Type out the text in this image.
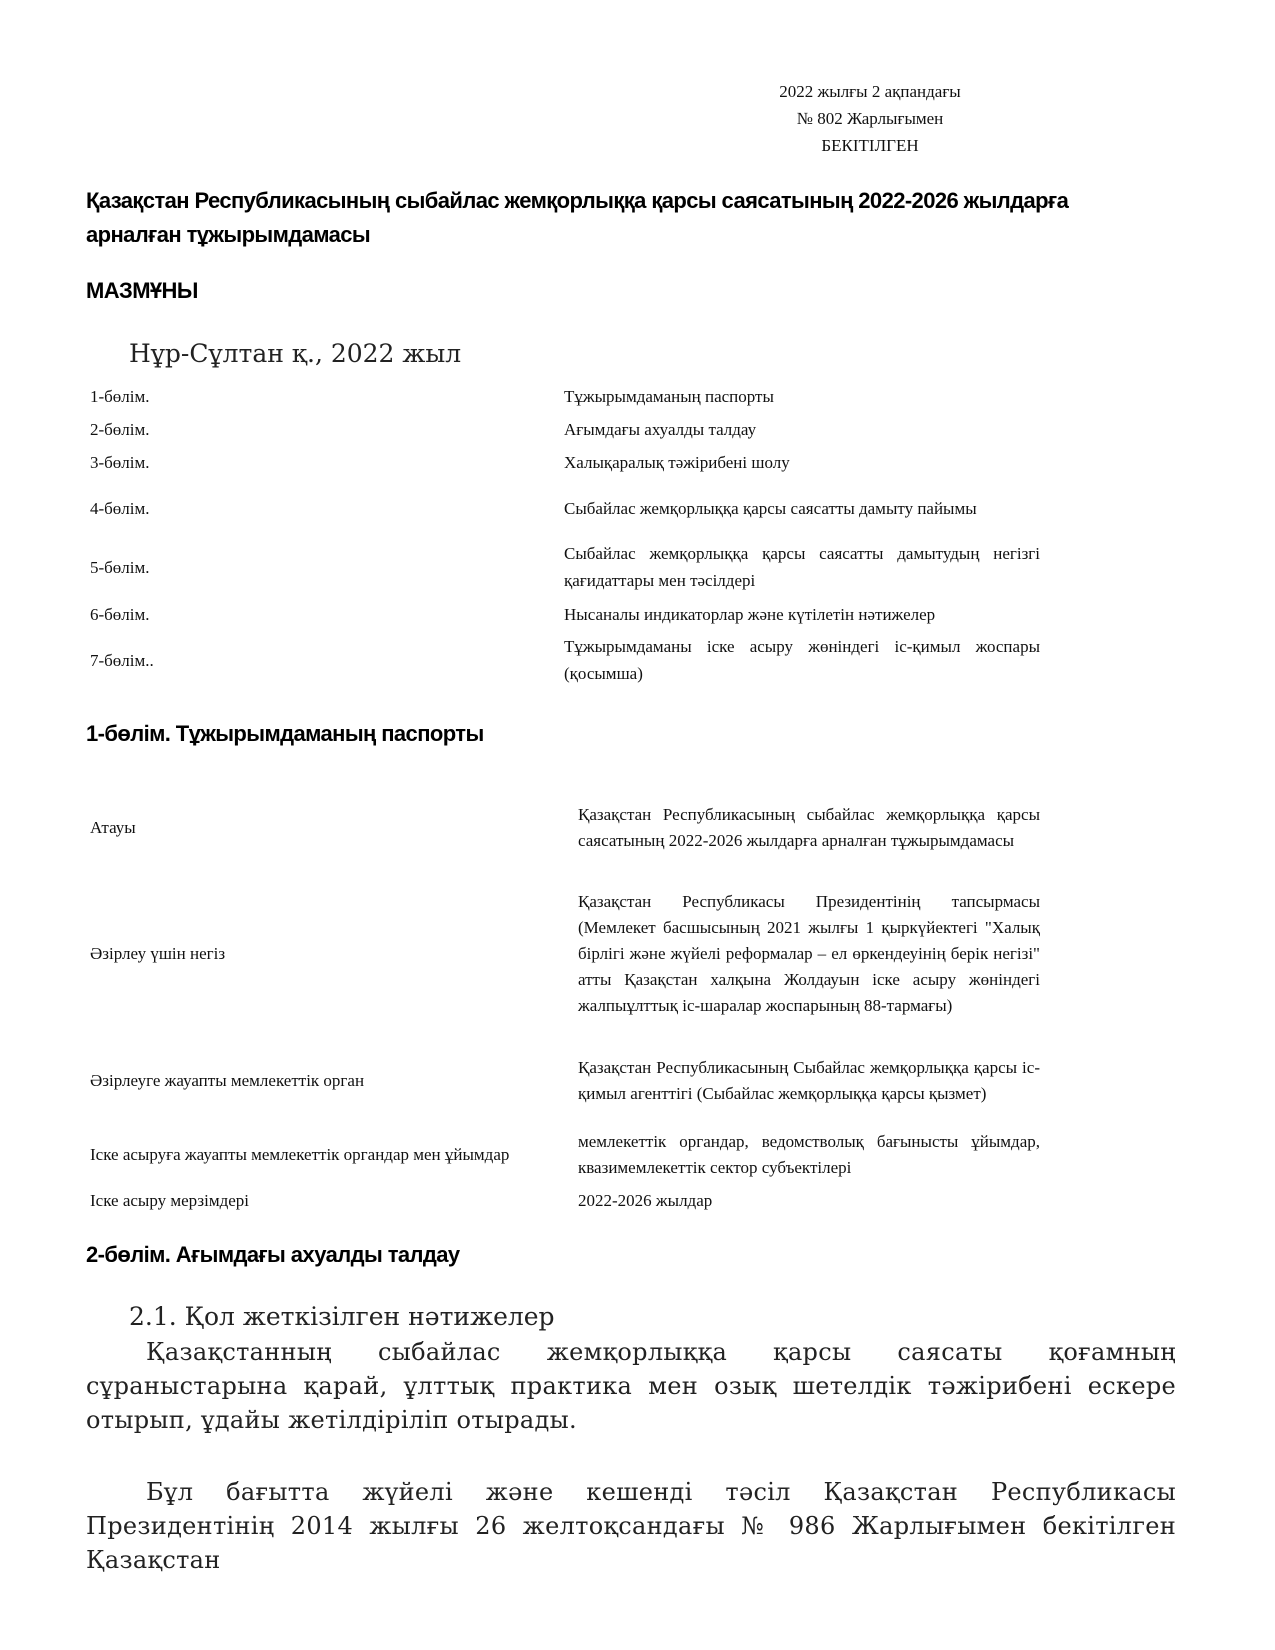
2022 жылғы 2 ақпандағы
№ 802 Жарлығымен
БЕКІТІЛГЕН
Қазақстан Республикасының сыбайлас жемқорлыққа қарсы саясатының 2022-2026 жылдарға арналған тұжырымдамасы
МАЗМҰНЫ
Нұр-Сұлтан қ., 2022 жыл
1-бөлім.	Тұжырымдаманың паспорты
2-бөлім.	Ағымдағы ахуалды талдау
3-бөлім.	Халықаралық тәжірибені шолу
4-бөлім.	Сыбайлас жемқорлыққа қарсы саясатты дамыту пайымы
5-бөлім.	Сыбайлас жемқорлыққа қарсы саясатты дамытудың негізгі қағидаттары мен тәсілдері
6-бөлім.	Нысаналы индикаторлар және күтілетін нәтижелер
7-бөлім..	Тұжырымдаманы іске асыру жөніндегі іс-қимыл жоспары (қосымша)
1-бөлім. Тұжырымдаманың паспорты
Атауы	Қазақстан Республикасының сыбайлас жемқорлыққа қарсы саясатының 2022-2026 жылдарға арналған тұжырымдамасы
Әзірлеу үшін негіз	Қазақстан Республикасы Президентінің тапсырмасы (Мемлекет басшысының 2021 жылғы 1 қыркүйектегі "Халық бірлігі және жүйелі реформалар – ел өркендеуінің берік негізі" атты Қазақстан халқына Жолдауын іске асыру жөніндегі жалпыұлттық іс-шаралар жоспарының 88-тармағы)
Әзірлеуге жауапты мемлекеттік орган	Қазақстан Республикасының Сыбайлас жемқорлыққа қарсы іс-қимыл агенттігі (Сыбайлас жемқорлыққа қарсы қызмет)
Іске асыруға жауапты мемлекеттік органдар мен ұйымдар	мемлекеттік органдар, ведомстволық бағынысты ұйымдар, квазимемлекеттік сектор субъектілері
Іске асыру мерзімдері	2022-2026 жылдар
2-бөлім. Ағымдағы ахуалды талдау
2.1. Қол жеткізілген нәтижелер
Қазақстанның сыбайлас жемқорлыққа қарсы саясаты қоғамның сұраныстарына қарай, ұлттық практика мен озық шетелдік тәжірибені ескере отырып, ұдайы жетілдіріліп отырады.
Бұл бағытта жүйелі және кешенді тәсіл Қазақстан Республикасы Президентінің 2014 жылғы 26 желтоқсандағы № 986 Жарлығымен бекітілген Қазақстан
